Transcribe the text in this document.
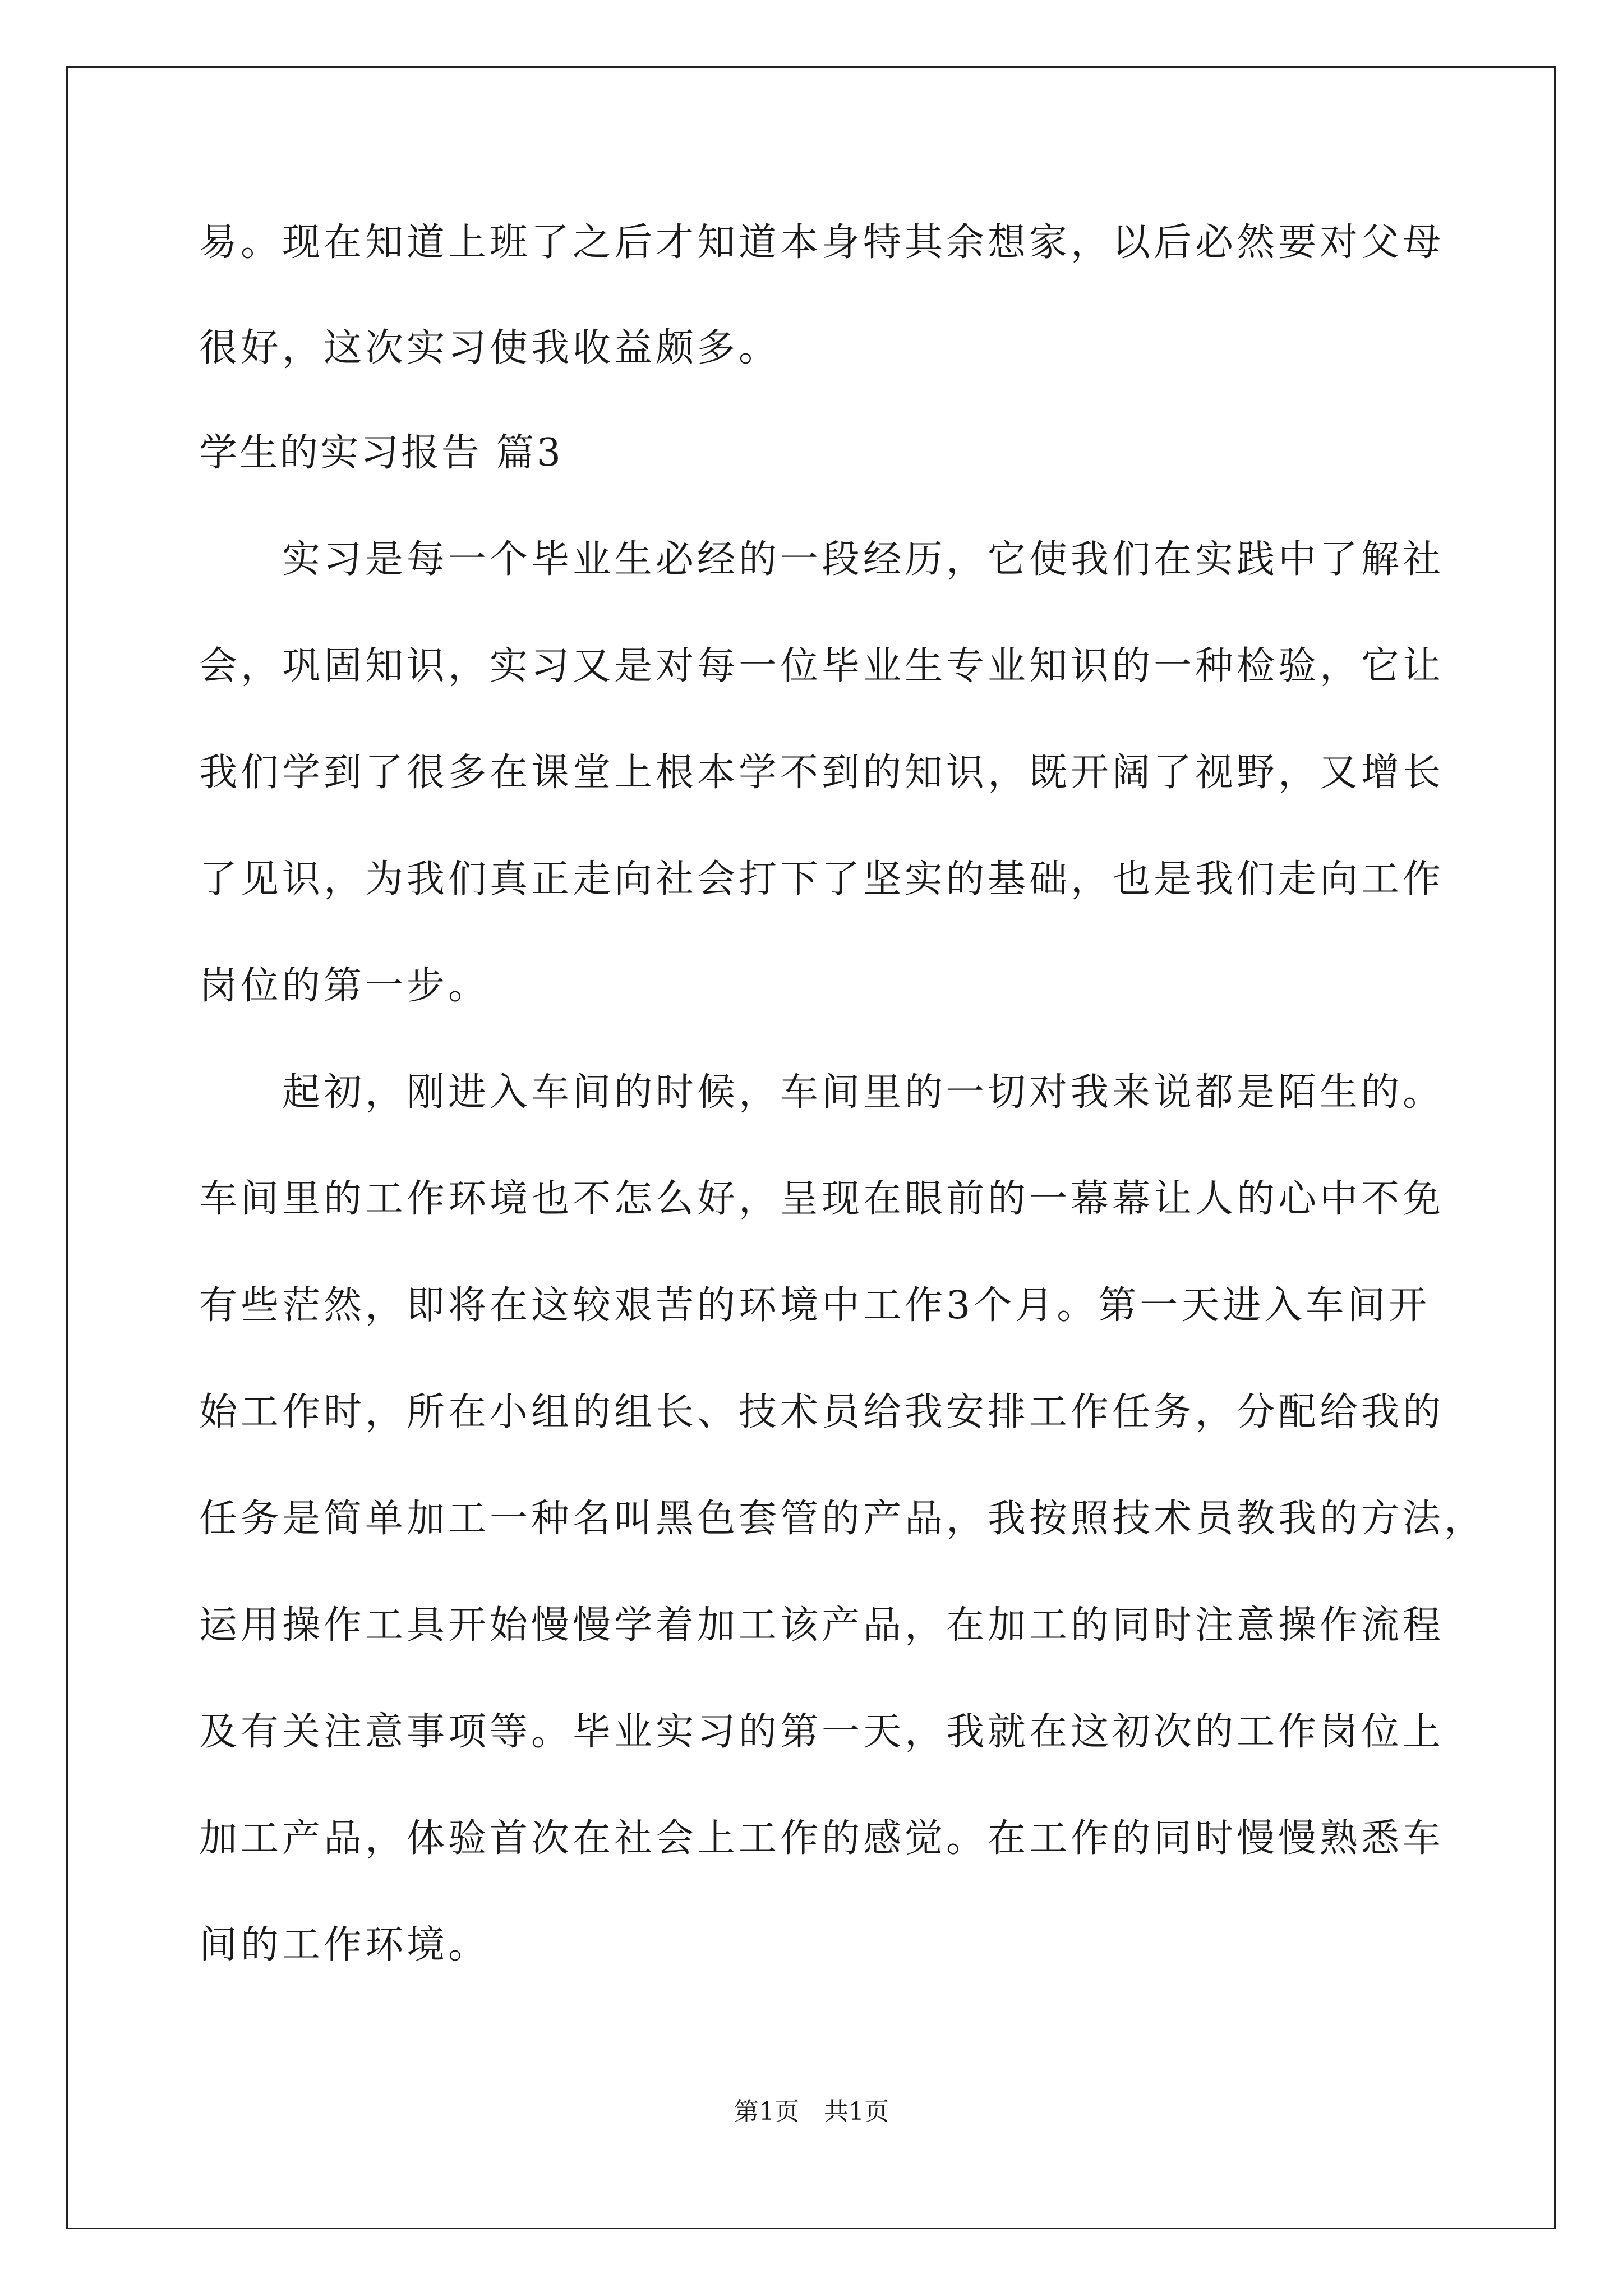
易。现在知道上班了之后才知道本身特其余想家，以后必然要对父母
很好，这次实习使我收益颇多。
学生的实习报告 篇3
　　实习是每一个毕业生必经的一段经历，它使我们在实践中了解社
会，巩固知识，实习又是对每一位毕业生专业知识的一种检验，它让
我们学到了很多在课堂上根本学不到的知识，既开阔了视野，又增长
了见识，为我们真正走向社会打下了坚实的基础，也是我们走向工作
岗位的第一步。
　　起初，刚进入车间的时候，车间里的一切对我来说都是陌生的。
车间里的工作环境也不怎么好，呈现在眼前的一幕幕让人的心中不免
有些茫然，即将在这较艰苦的环境中工作3个月。第一天进入车间开
始工作时，所在小组的组长、技术员给我安排工作任务，分配给我的
任务是简单加工一种名叫黑色套管的产品，我按照技术员教我的方法，
运用操作工具开始慢慢学着加工该产品，在加工的同时注意操作流程
及有关注意事项等。毕业实习的第一天，我就在这初次的工作岗位上
加工产品，体验首次在社会上工作的感觉。在工作的同时慢慢熟悉车
间的工作环境。
第1页　共1页
